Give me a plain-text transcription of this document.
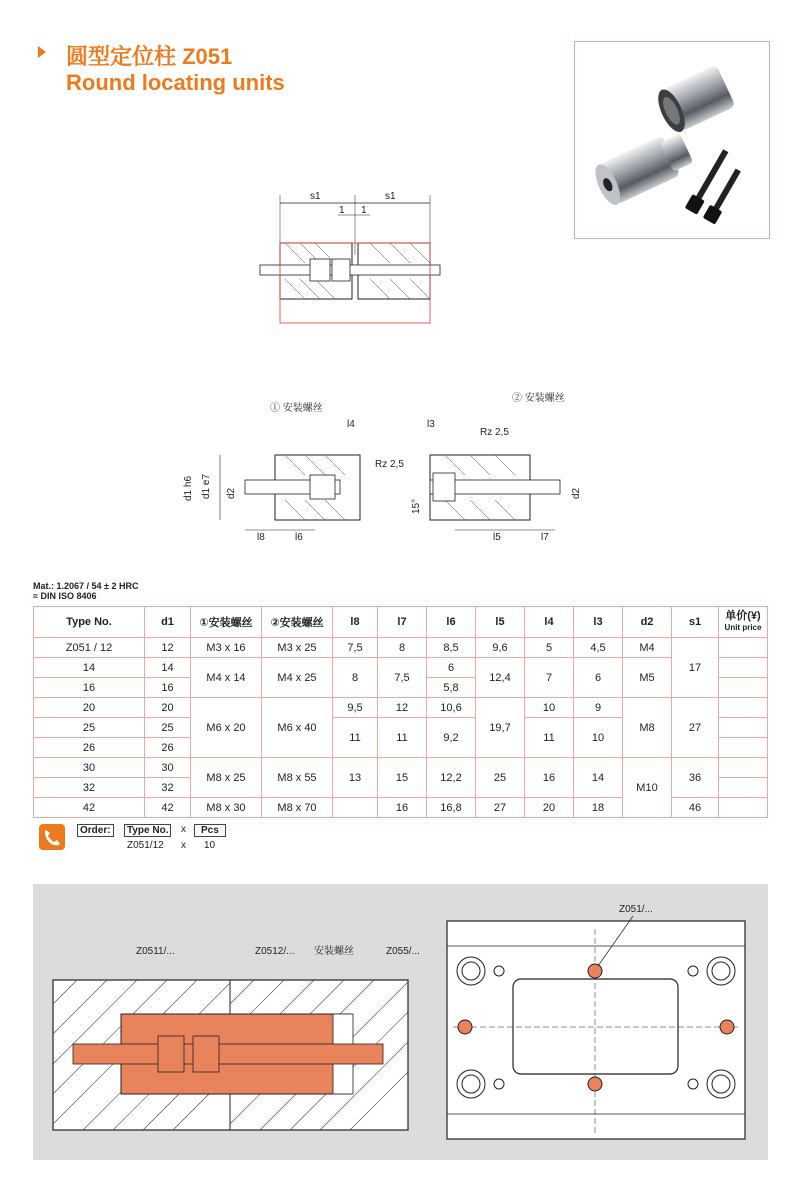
圆型定位柱 Z051
Round locating units
s1	s1
1 1
① 安装螺丝
l4
Rz 2,5
d1 h6 d1 e7 d2
l8	l6
② 安装螺丝
l3
Rz 2,5
15°
d2
l5	l7
Mat.: 1.2067 / 54 ± 2 HRC
≈ DIN ISO 8406
Type No.	d1	①安装螺丝	②安装螺丝	l8	l7	l6	l5	l4	l3	d2	s1	单价(¥)
Unit price

Z051 / 12	12	M3 x 16	M3 x 25	7,5	8	8,5	9,6	5	4,5	M4	17	
14	14	M4 x 14	M4 x 25	8	7,5	6	12,4	7	6	M5		
16	16					5,8						
20	20	M6 x 20	M6 x 40	9,5	12	10,6	19,7	10	9	M8	27	
25	25			11	11	9,2		11	10			
26	26											
30	30	M8 x 25	M8 x 55	13	15	12,2	25	16	14	M10	36	
32	32											
42	42	M8 x 30	M8 x 70		16	16,8	27	20	18		46	
Order:	Type No.	x	Pcs
Z051/12 x 10
Z0511/...	Z0512/... 安装螺丝	Z055/...
Z051/...
